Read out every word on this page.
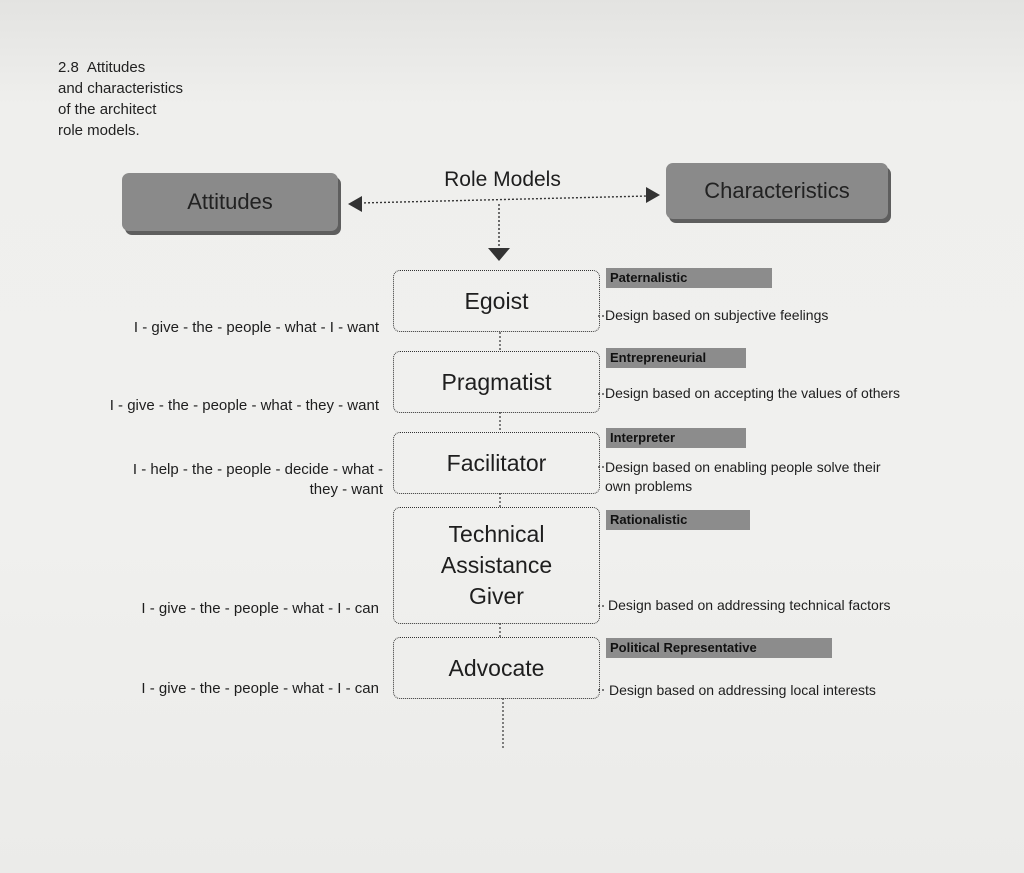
2.8 Attitudes
and characteristics
of the architect
role models.
Attitudes
Role Models	Characteristics
Egoist
Pragmatist
Facilitator
Technical
Assistance
Giver
Advocate
Paternalistic
Entrepreneurial
Interpreter
Rationalistic
Political Representative
Design based on subjective feelings
Design based on accepting the values of others
Design based on enabling people solve their
own problems
Design based on addressing technical factors
Design based on addressing local interests
I - give - the - people - what - I - want
I - give - the - people - what - they - want
I - help - the - people - decide - what -
they - want
I - give - the - people - what - I - can
I - give - the - people - what - I - can
